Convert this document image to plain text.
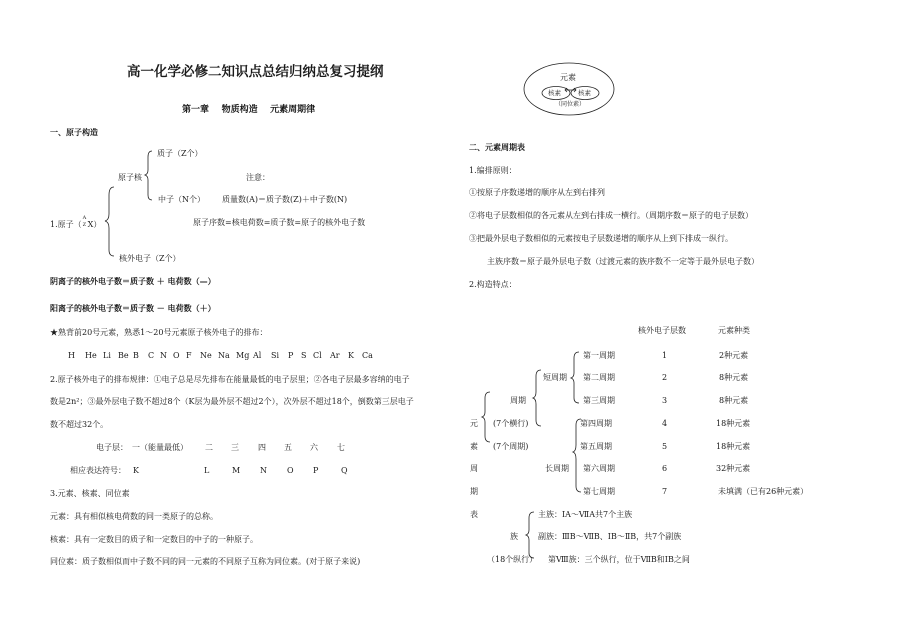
高一化学必修二知识点总结归纳总复习提纲
第一章 物质构造 元素周期律
一、原子构造
质子（Z个）
原子核	注意：
中子（N个） 质量数(A)＝质子数(Z)＋中子数(N)
1.原子（
A
Z X）	原子序数=核电荷数=质子数=原子的核外电子数
核外电子（Z个）
阴离子的核外电子数＝质子数 ＋ 电荷数（—）
阳离子的核外电子数＝质子数 － 电荷数（＋）
★熟背前20号元素，熟悉1～20号元素原子核外电子的排布：
H He Li Be B C N O F Ne Na Mg Al Si P S Cl Ar K Ca
2.原子核外电子的排布规律：①电子总是尽先排布在能量最低的电子层里；②各电子层最多容纳的电子
数是2n²；③最外层电子数不超过8个（K层为最外层不超过2个），次外层不超过18个，倒数第三层电子
数不超过32个。
电子层： 一（能量最低） 二 三 四 五 六 七
相应表达符号： K	L	M N	O P	Q
3.元素、核素、同位素
元素：具有相似核电荷数的同一类原子的总称。
核素：具有一定数目的质子和一定数目的中子的一种原子。
同位素：质子数相似而中子数不同的同一元素的不同原子互称为同位素。(对于原子来说)
元素
核素	核素
（同位素）
二、元素周期表
1.编排原则：
①按原子序数递增的顺序从左到右排列
②将电子层数相似的各元素从左到右排成一横行。（周期序数＝原子的电子层数）
③把最外层电子数相似的元素按电子层数递增的顺序从上到下排成一纵行。
主族序数＝原子最外层电子数（过渡元素的族序数不一定等于最外层电子数）
2.构造特点：
核外电子层数	元素种类
短周期
周期
(7个横行)
(7个周期)
长周期
第一周期	1	2种元素
第二周期	2	8种元素
第三周期	3	8种元素
第四周期	4	18种元素
第五周期	5	18种元素
第六周期	6	32种元素
第七周期	7	未填满（已有26种元素）
元
素
周
期
表
族
主族：ⅠA～ⅦA共7个主族
副族：ⅢB～ⅦB、ⅠB～ⅡB，共7个副族
（18个纵行） 第Ⅷ族：三个纵行，位于ⅦB和ⅠB之间
